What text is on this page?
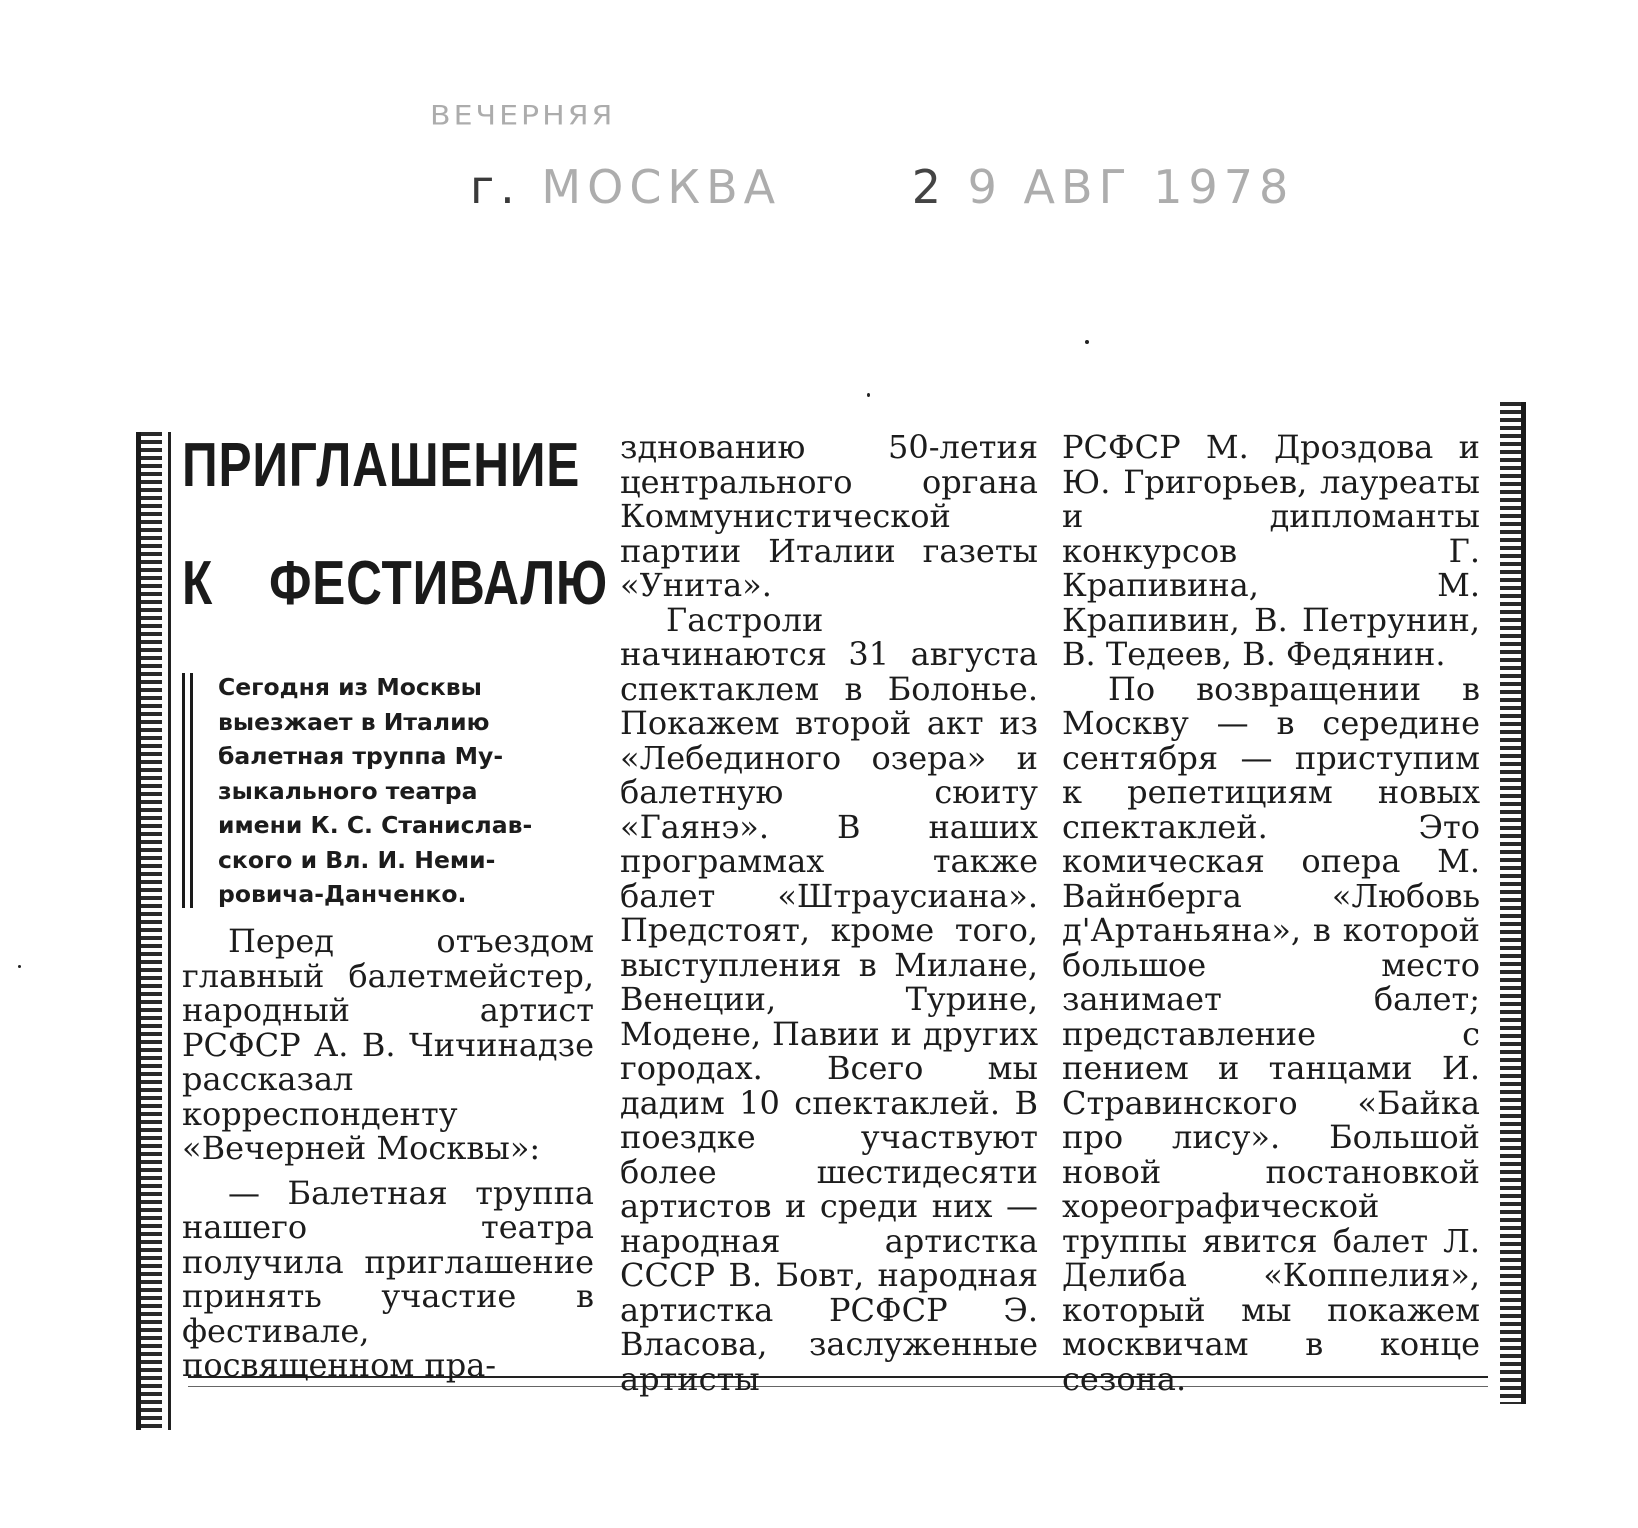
ВЕЧЕРНЯЯ
г. МОСКВА	2 9 АВГ 1978
ПРИГЛАШЕНИЕ
К ФЕСТИВАЛЮ
Сегодня из Москвы
выезжает в Италию
балетная труппа Му-
зыкального театра
имени К. С. Станислав-
ского и Вл. И. Неми-
ровича-Данченко.

Перед отъездом главный балетмейстер, народный артист РСФСР А. В. Чичинадзе рассказал корреспонденту «Вечерней Москвы»:

— Балетная труппа нашего театра получила приглашение принять участие в фестивале, посвященном пра-

зднованию 50-летия центрального органа Коммунистической партии Италии газеты «Унита».

Гастроли начинаются 31 августа спектаклем в Болонье. Покажем второй акт из «Лебединого озера» и балетную сюиту «Гаянэ». В наших программах также балет «Штраусиана». Предстоят, кроме того, выступления в Милане, Венеции, Турине, Модене, Павии и других городах. Всего мы дадим 10 спектаклей. В поездке участвуют более шестидесяти артистов и среди них — народная артистка СССР В. Бовт, народная артистка РСФСР Э. Власова, заслуженные артисты

РСФСР М. Дроздова и Ю. Григорьев, лауреаты и дипломанты конкурсов Г. Крапивина, М. Крапивин, В. Петрунин, В. Тедеев, В. Федянин.

По возвращении в Москву — в середине сентября — приступим к репетициям новых спектаклей. Это комическая опера М. Вайнберга «Любовь д'Артаньяна», в которой большое место занимает балет; представление с пением и танцами И. Стравинского «Байка про лису». Большой новой постановкой хореографической труппы явится балет Л. Делиба «Коппелия», который мы покажем москвичам в конце сезона.
